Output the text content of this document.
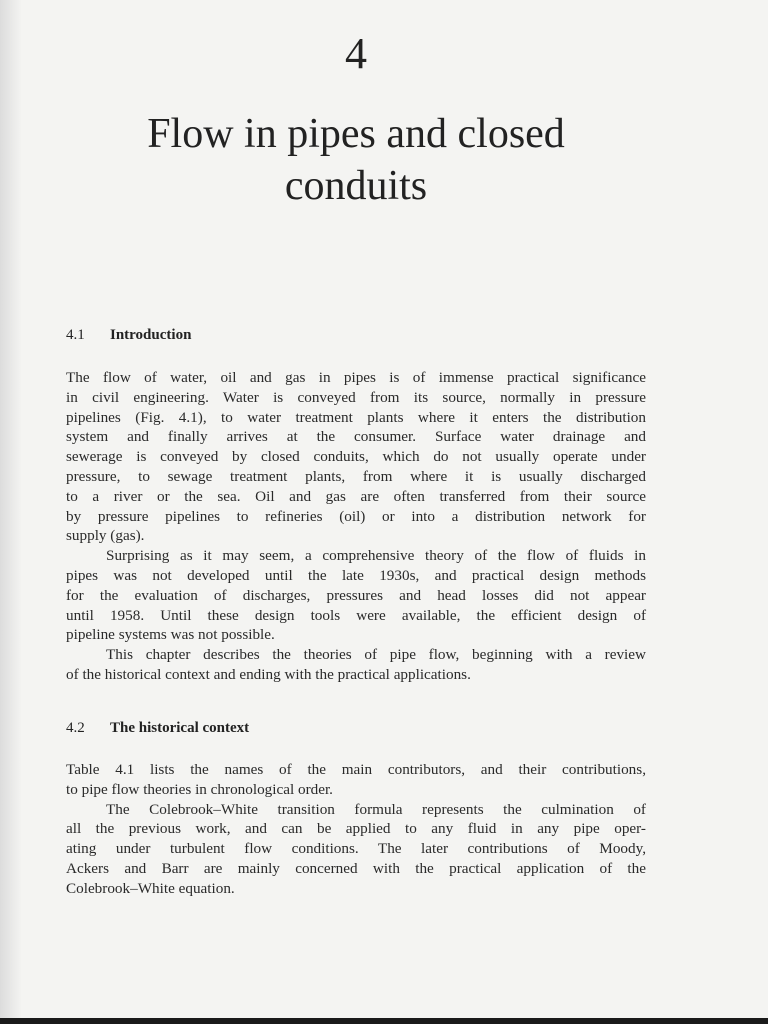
4
Flow in pipes and closed
conduits
4.1 Introduction

The flow of water, oil and gas in pipes is of immense practical significance
in civil engineering. Water is conveyed from its source, normally in pressure
pipelines (Fig. 4.1), to water treatment plants where it enters the distribution
system and finally arrives at the consumer. Surface water drainage and
sewerage is conveyed by closed conduits, which do not usually operate under
pressure, to sewage treatment plants, from where it is usually discharged
to a river or the sea. Oil and gas are often transferred from their source
by pressure pipelines to refineries (oil) or into a distribution network for
supply (gas).

Surprising as it may seem, a comprehensive theory of the flow of fluids in
pipes was not developed until the late 1930s, and practical design methods
for the evaluation of discharges, pressures and head losses did not appear
until 1958. Until these design tools were available, the efficient design of
pipeline systems was not possible.

This chapter describes the theories of pipe flow, beginning with a review
of the historical context and ending with the practical applications.

4.2 The historical context

Table 4.1 lists the names of the main contributors, and their contributions,
to pipe flow theories in chronological order.

The Colebrook–White transition formula represents the culmination of
all the previous work, and can be applied to any fluid in any pipe oper-
ating under turbulent flow conditions. The later contributions of Moody,
Ackers and Barr are mainly concerned with the practical application of the
Colebrook–White equation.
